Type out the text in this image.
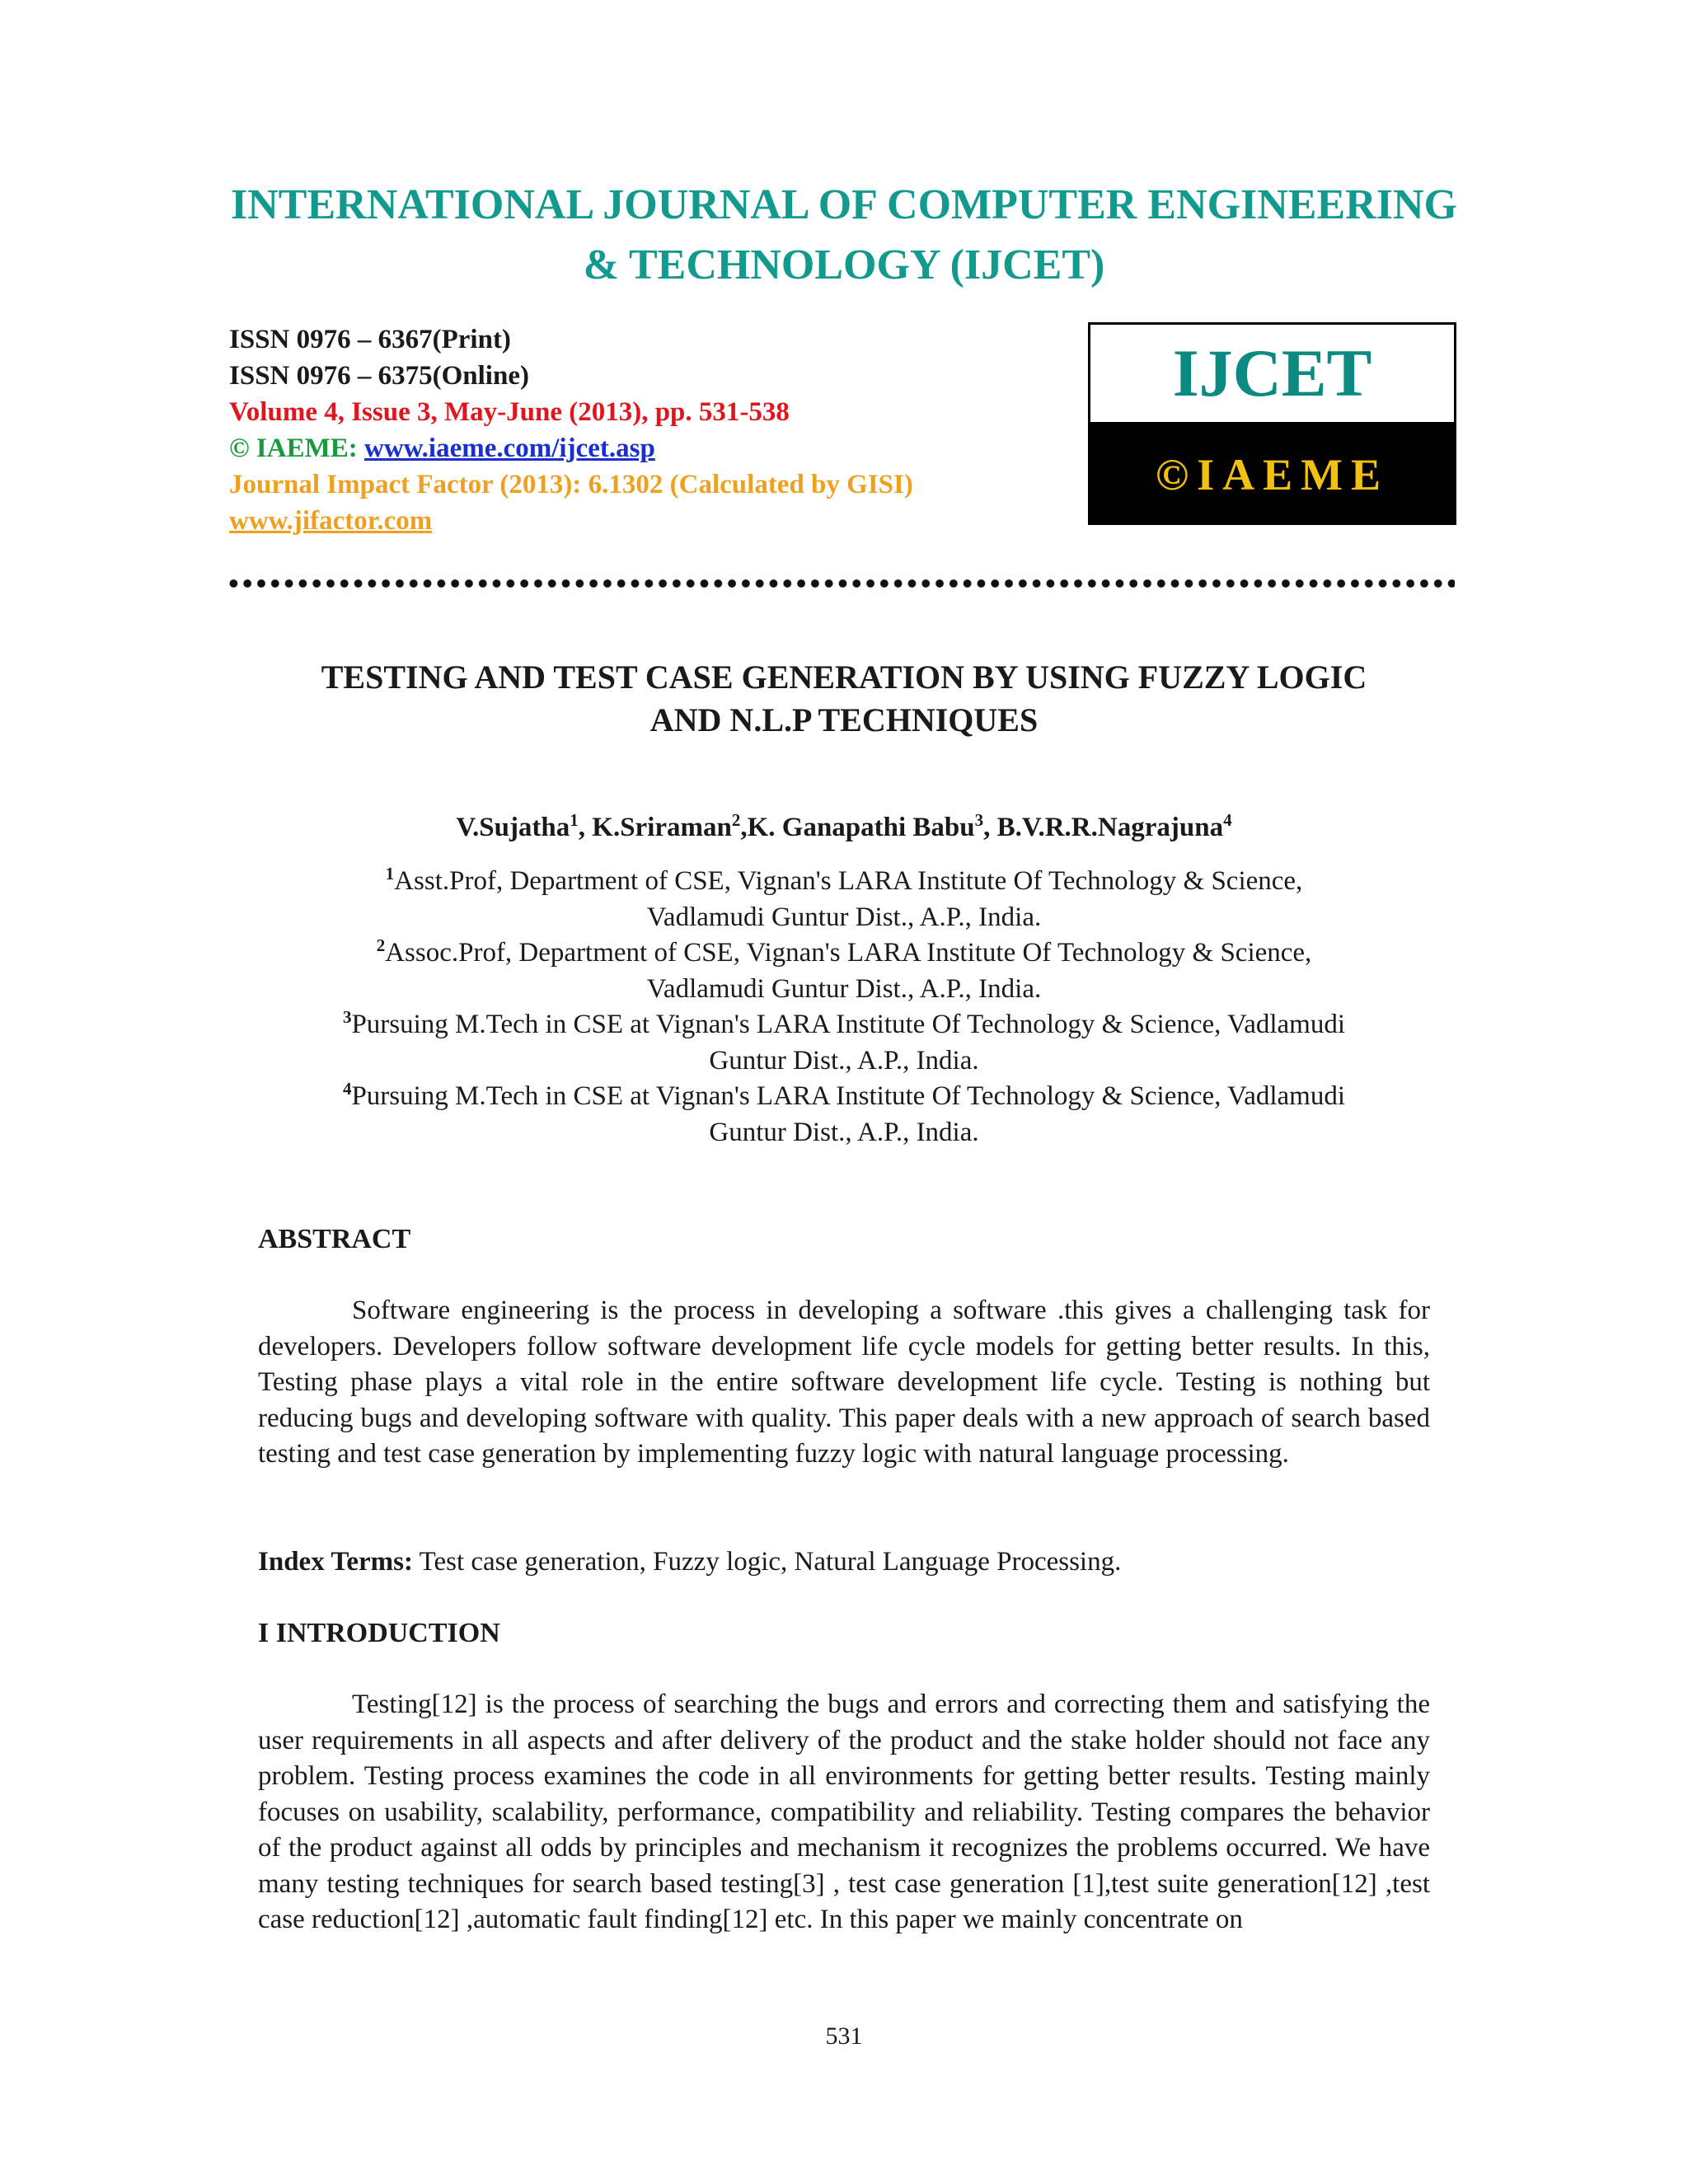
INTERNATIONAL JOURNAL OF COMPUTER ENGINEERING
& TECHNOLOGY (IJCET)
ISSN 0976 – 6367(Print)
ISSN 0976 – 6375(Online)
Volume 4, Issue 3, May-June (2013), pp. 531-538
© IAEME: www.iaeme.com/ijcet.asp
Journal Impact Factor (2013): 6.1302 (Calculated by GISI)
www.jifactor.com
IJCET
©IAEME
TESTING AND TEST CASE GENERATION BY USING FUZZY LOGIC
AND N.L.P TECHNIQUES
V.Sujatha$^1$, K.Sriraman$^2$,K. Ganapathi Babu$^3$, B.V.R.R.Nagrajuna$^4$
$^1$Asst.Prof, Department of CSE, Vignan's LARA Institute Of Technology & Science,
Vadlamudi Guntur Dist., A.P., India.
$^2$Assoc.Prof, Department of CSE, Vignan's LARA Institute Of Technology & Science,
Vadlamudi Guntur Dist., A.P., India.
$^3$Pursuing M.Tech in CSE at Vignan's LARA Institute Of Technology & Science, Vadlamudi
Guntur Dist., A.P., India.
$^4$Pursuing M.Tech in CSE at Vignan's LARA Institute Of Technology & Science, Vadlamudi
Guntur Dist., A.P., India.
ABSTRACT

Software engineering is the process in developing a software .this gives a challenging task for developers. Developers follow software development life cycle models for getting better results. In this, Testing phase plays a vital role in the entire software development life cycle. Testing is nothing but reducing bugs and developing software with quality. This paper deals with a new approach of search based testing and test case generation by implementing fuzzy logic with natural language processing.

Index Terms: Test case generation, Fuzzy logic, Natural Language Processing.
I INTRODUCTION

Testing[12] is the process of searching the bugs and errors and correcting them and satisfying the user requirements in all aspects and after delivery of the product and the stake holder should not face any problem. Testing process examines the code in all environments for getting better results. Testing mainly focuses on usability, scalability, performance, compatibility and reliability. Testing compares the behavior of the product against all odds by principles and mechanism it recognizes the problems occurred. We have many testing techniques for search based testing[3] , test case generation [1],test suite generation[12] ,test case reduction[12] ,automatic fault finding[12] etc. In this paper we mainly concentrate on

531
